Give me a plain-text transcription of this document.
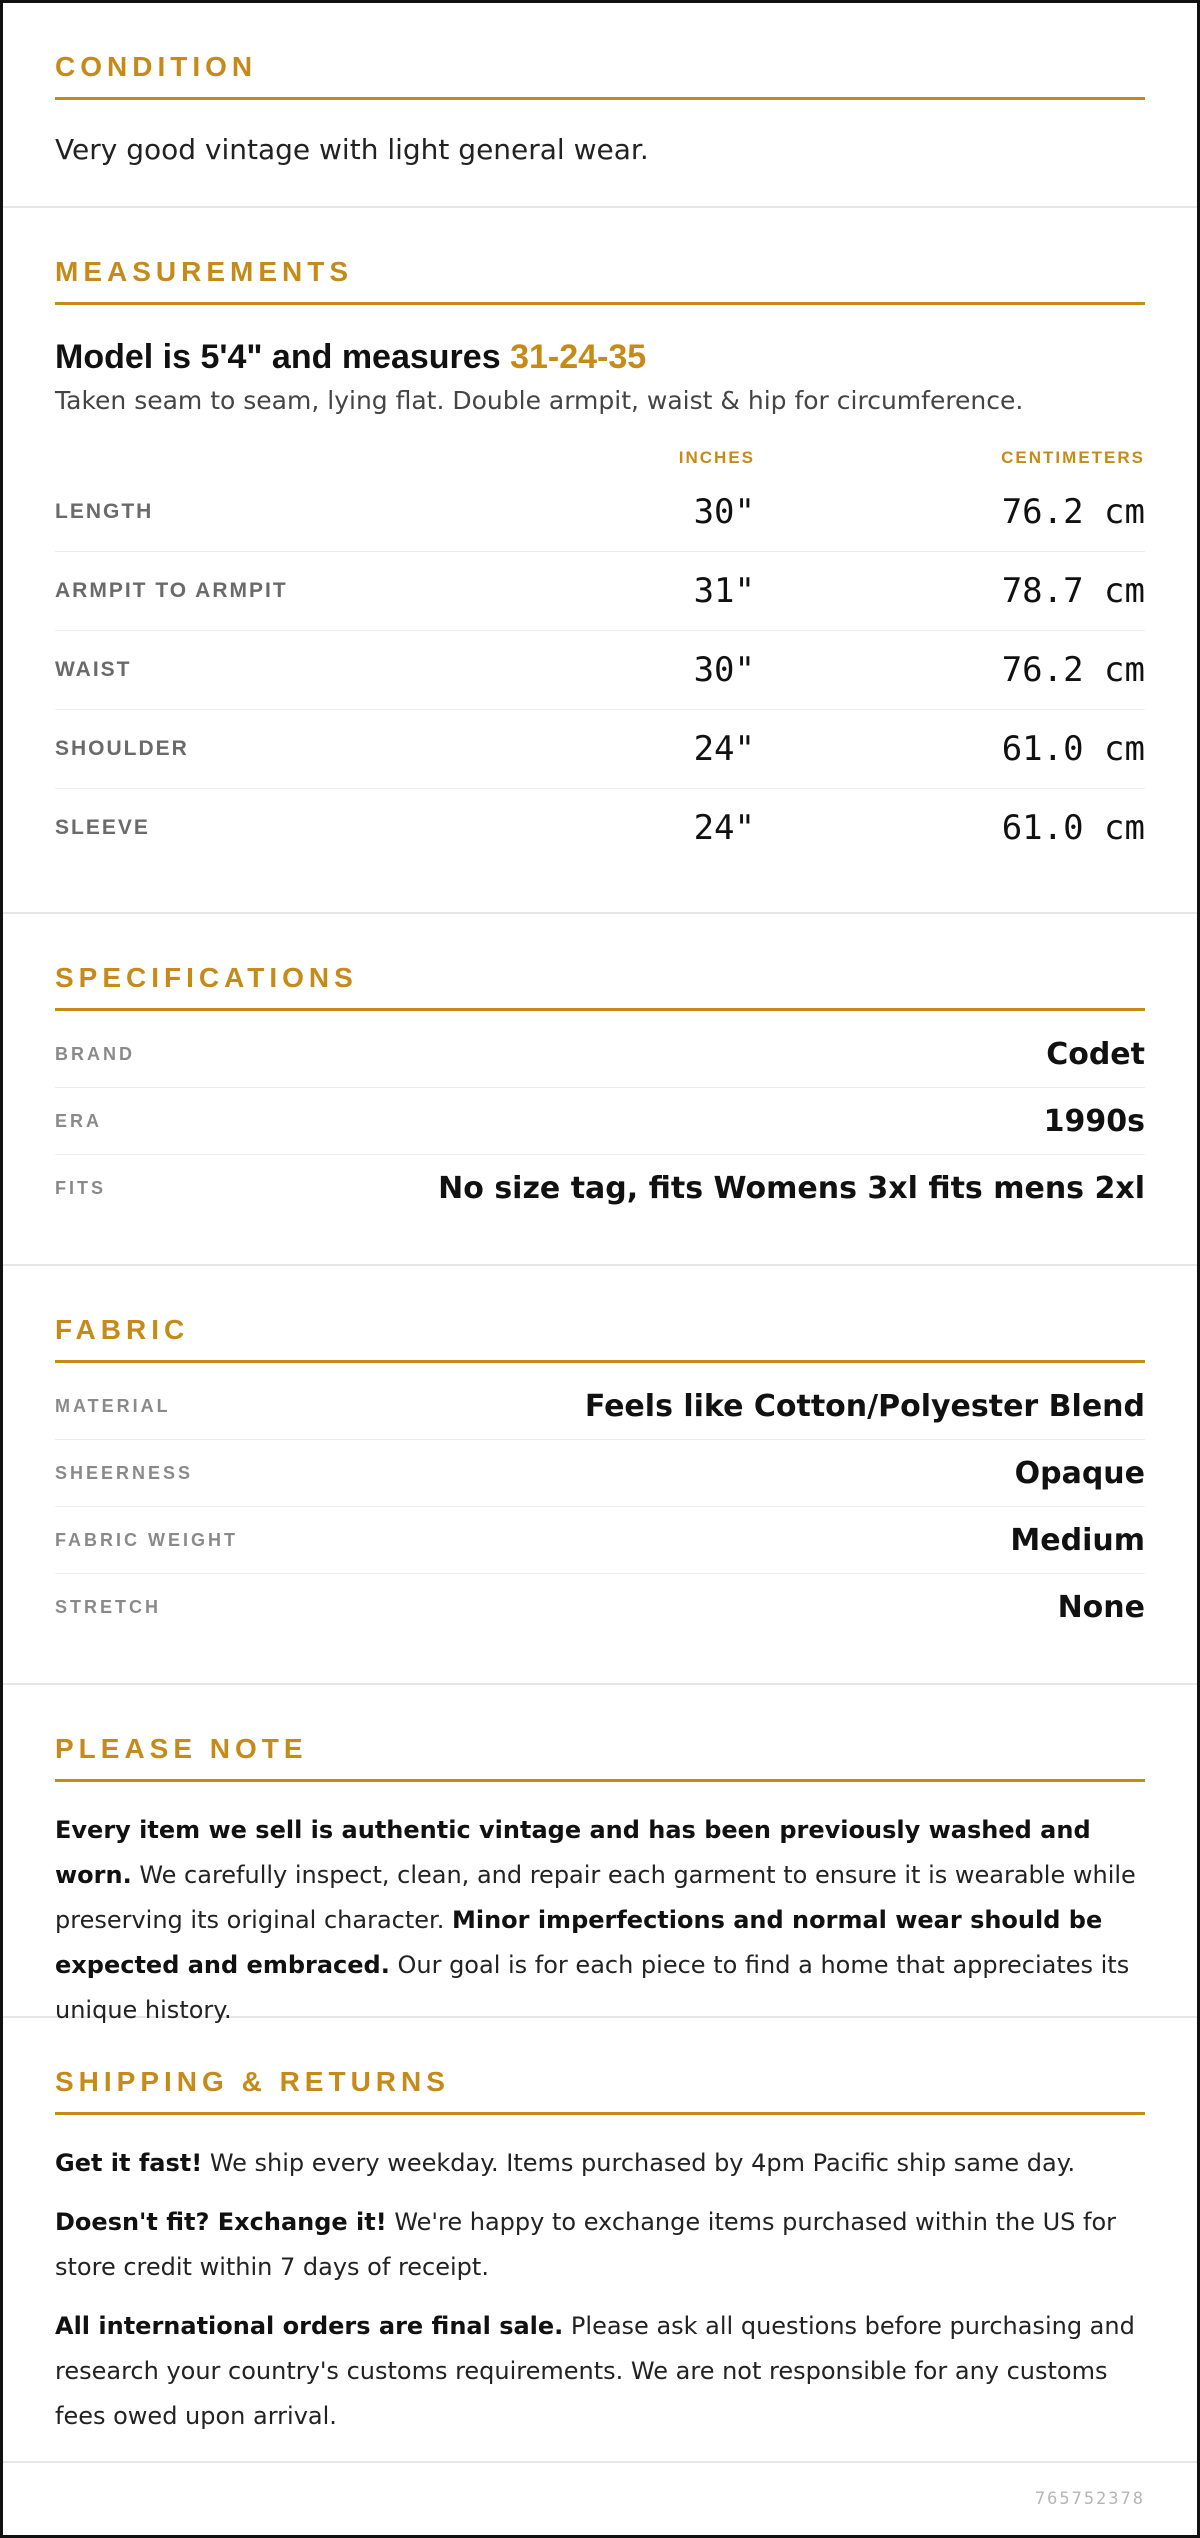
CONDITION

Very good vintage with light general wear.

MEASUREMENTS
Model is 5'4" and measures 31-24-35
Taken seam to seam, lying flat. Double armpit, waist & hip for circumference.
INCHES	CENTIMETERS
LENGTH	30"	76.2 cm
ARMPIT TO ARMPIT	31"	78.7 cm
WAIST	30"	76.2 cm
SHOULDER	24"	61.0 cm
SLEEVE	24"	61.0 cm
SPECIFICATIONS
BRAND	Codet
ERA	1990s
FITS	No size tag, fits Womens 3xl fits mens 2xl
FABRIC
MATERIAL	Feels like Cotton/Polyester Blend
SHEERNESS	Opaque
FABRIC WEIGHT	Medium
STRETCH	None
PLEASE NOTE

Every item we sell is authentic vintage and has been previously washed and worn. We carefully inspect, clean, and repair each garment to ensure it is wearable while preserving its original character. Minor imperfections and normal wear should be expected and embraced. Our goal is for each piece to find a home that appreciates its unique history.

SHIPPING & RETURNS

Get it fast! We ship every weekday. Items purchased by 4pm Pacific ship same day.

Doesn't fit? Exchange it! We're happy to exchange items purchased within the US for store credit within 7 days of receipt.

All international orders are final sale. Please ask all questions before purchasing and research your country's customs requirements. We are not responsible for any customs fees owed upon arrival.

765752378
